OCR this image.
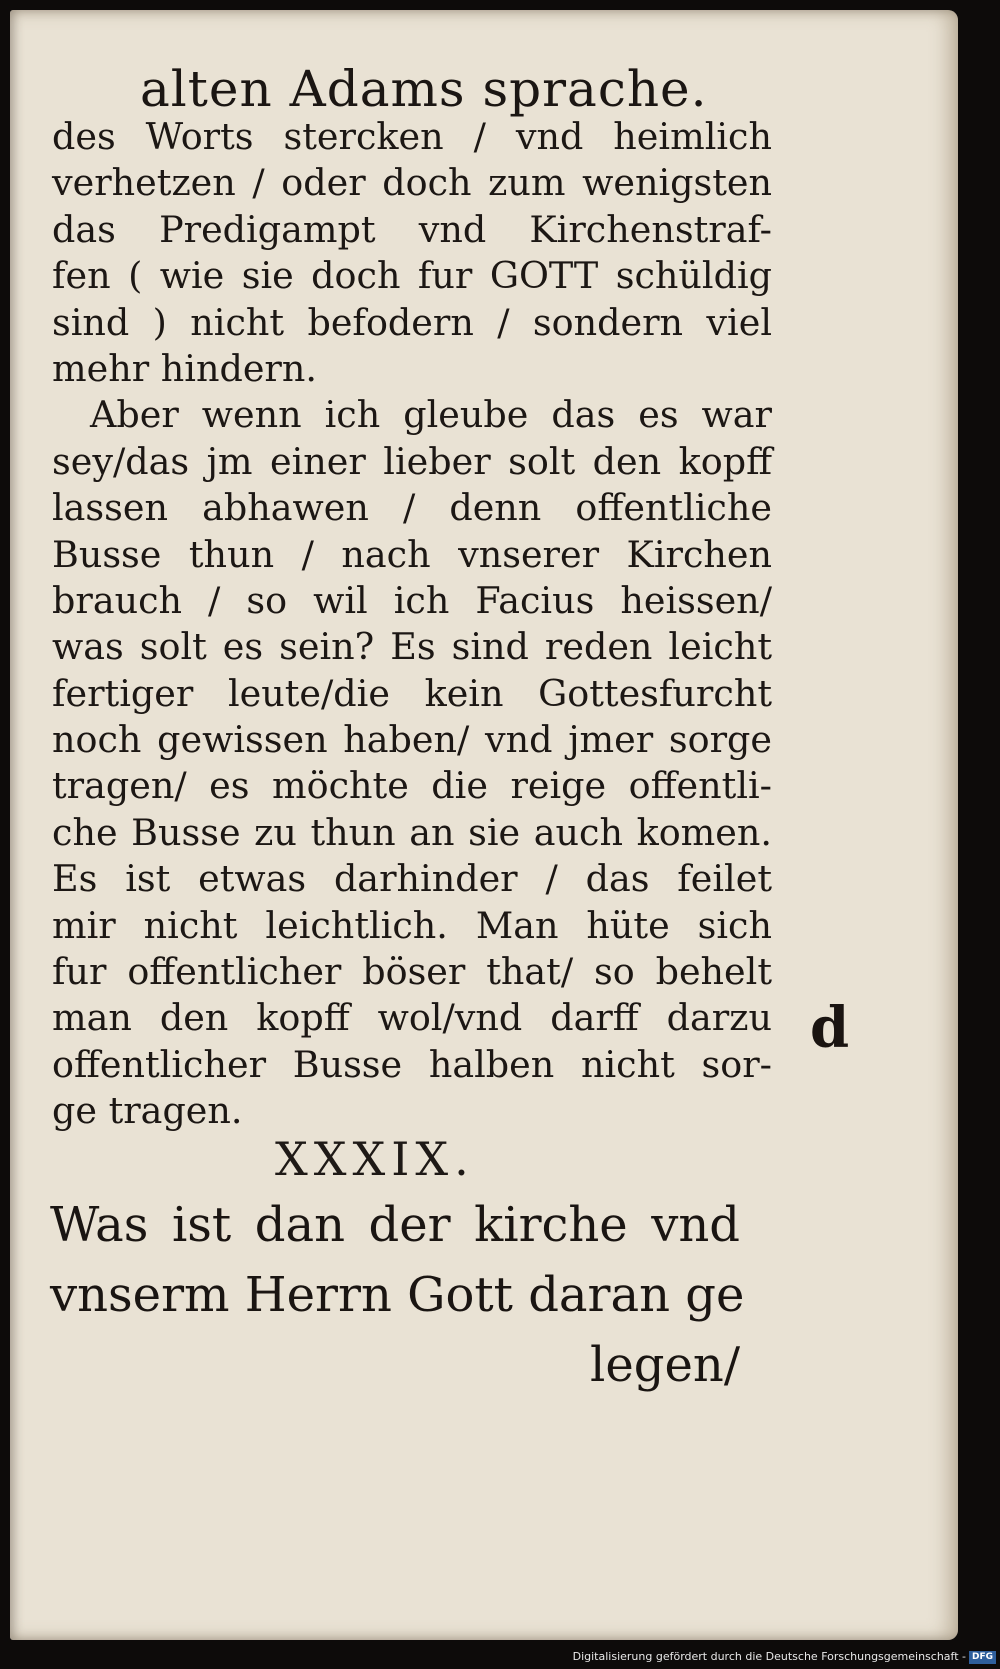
alten Adams sprache.
des Worts stercken / vnd heimlich
verhetzen / oder doch zum wenigsten
das Predigampt vnd Kirchenstraf-
fen ( wie sie doch fur GOTT schüldig
sind ) nicht befodern / sondern viel
mehr hindern.
Aber wenn ich gleube das es war
sey/das jm einer lieber solt den kopff
lassen abhawen / denn offentliche
Busse thun / nach vnserer Kirchen
brauch / so wil ich Facius heissen/
was solt es sein? Es sind reden leicht
fertiger leute/die kein Gottesfurcht
noch gewissen haben/ vnd jmer sorge
tragen/ es möchte die reige offentli-
che Busse zu thun an sie auch komen.
Es ist etwas darhinder / das feilet
mir nicht leichtlich. Man hüte sich
fur offentlicher böser that/ so behelt
man den kopff wol/vnd darff darzu
offentlicher Busse halben nicht sor-
ge tragen.
d
XXXIX.
Was ist dan der kirche vnd
vnserm Herrn Gott daran ge
legen/
Digitalisierung gefördert durch die Deutsche Forschungsgemeinschaft - DFG
